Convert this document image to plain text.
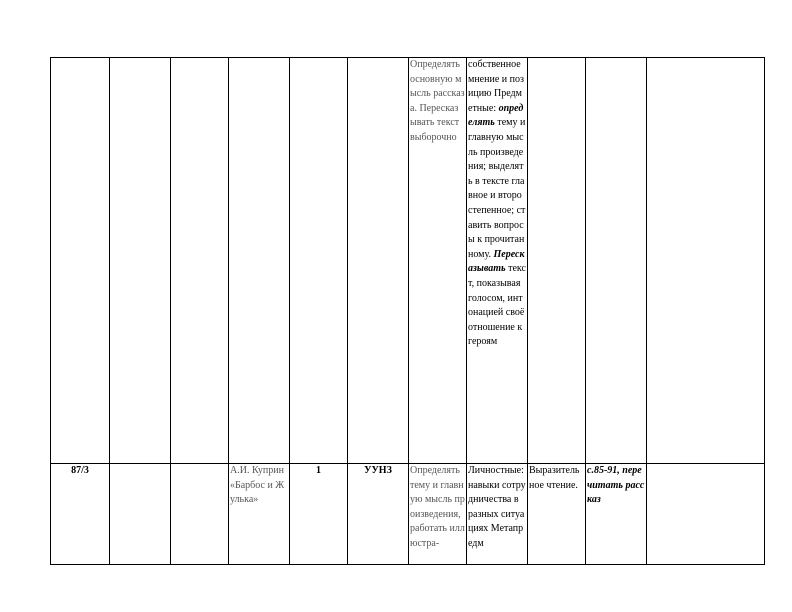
						Определять основную мысль рассказа. Пересказывать текст выборочно	собственное мнение и позицию Предметные: определять тему и главную мысль произведения; выделять в тексте главное и второстепенное; ставить вопросы к прочитанному. Пересказывать текст, показывая голосом, интонацией своё отношение к героям			
87/3			А.И. Куприн «Барбос и Жулька»	1	УУНЗ	Определять тему и главную мысль произведения, работать иллюстра-	Личностные: навыки сотрудничества в разных ситуациях Метапредм	Выразительное чтение.	с.85-91, перечитать рассказ	
